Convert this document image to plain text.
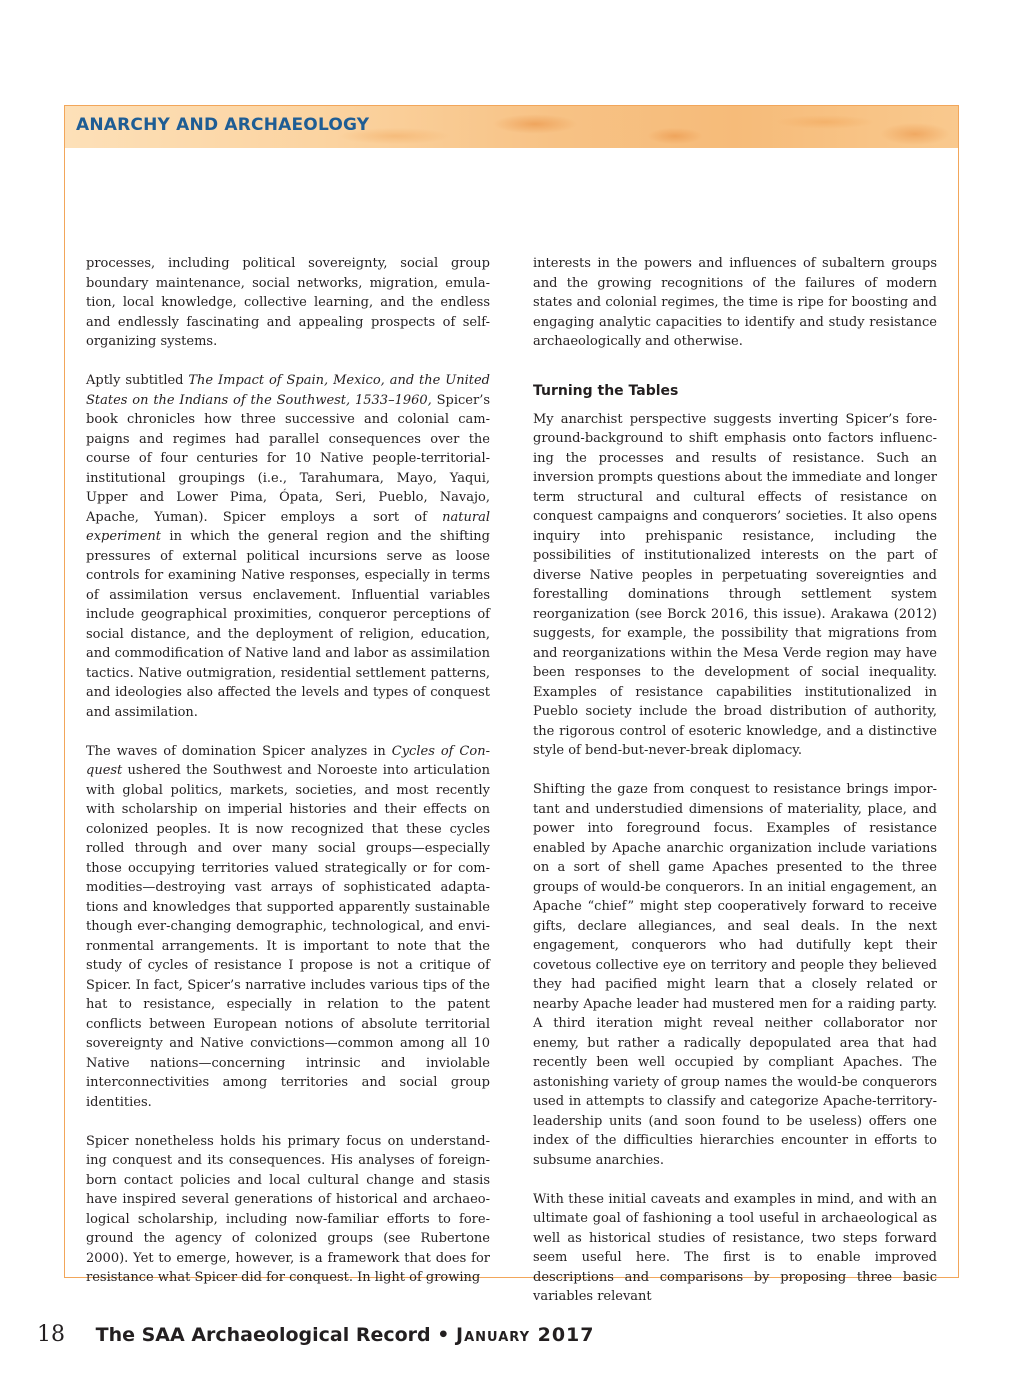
ANARCHY AND ARCHAEOLOGY

processes, including political sovereignty, social group boundary maintenance, social networks, migration, emulation, local knowledge, collective learning, and the endless and endlessly fascinating and appealing prospects of self-organizing systems.

Aptly subtitled The Impact of Spain, Mexico, and the United States on the Indians of the Southwest, 1533–1960, Spicer’s book chronicles how three successive and colonial campaigns and regimes had parallel consequences over the course of four centuries for 10 Native people-territorial-institutional groupings (i.e., Tarahumara, Mayo, Yaqui, Upper and Lower Pima, Ópata, Seri, Pueblo, Navajo, Apache, Yuman). Spicer employs a sort of natural experiment in which the general region and the shifting pressures of external political incursions serve as loose controls for examining Native responses, especially in terms of assimilation versus enclavement. Influential variables include geographical proximities, conqueror perceptions of social distance, and the deployment of religion, education, and commodification of Native land and labor as assimilation tactics. Native outmigration, residential settlement patterns, and ideologies also affected the levels and types of conquest and assimilation.

The waves of domination Spicer analyzes in Cycles of Conquest ushered the Southwest and Noroeste into articulation with global politics, markets, societies, and most recently with scholarship on imperial histories and their effects on colonized peoples. It is now recognized that these cycles rolled through and over many social groups—especially those occupying territories valued strategically or for commodities—destroying vast arrays of sophisticated adaptations and knowledges that supported apparently sustainable though ever-changing demographic, technological, and environmental arrangements. It is important to note that the study of cycles of resistance I propose is not a critique of Spicer. In fact, Spicer’s narrative includes various tips of the hat to resistance, especially in relation to the patent conflicts between European notions of absolute territorial sovereignty and Native convictions—common among all 10 Native nations—concerning intrinsic and inviolable interconnectivities among territories and social group identities.

Spicer nonetheless holds his primary focus on understanding conquest and its consequences. His analyses of foreign-born contact policies and local cultural change and stasis have inspired several generations of historical and archaeological scholarship, including now-familiar efforts to foreground the agency of colonized groups (see Rubertone 2000). Yet to emerge, however, is a framework that does for resistance what Spicer did for conquest. In light of growing

interests in the powers and influences of subaltern groups and the growing recognitions of the failures of modern states and colonial regimes, the time is ripe for boosting and engaging analytic capacities to identify and study resistance archaeologically and otherwise.

Turning the Tables

My anarchist perspective suggests inverting Spicer’s foreground-background to shift emphasis onto factors influencing the processes and results of resistance. Such an inversion prompts questions about the immediate and longer term structural and cultural effects of resistance on conquest campaigns and conquerors’ societies. It also opens inquiry into prehispanic resistance, including the possibilities of institutionalized interests on the part of diverse Native peoples in perpetuating sovereignties and forestalling dominations through settlement system reorganization (see Borck 2016, this issue). Arakawa (2012) suggests, for example, the possibility that migrations from and reorganizations within the Mesa Verde region may have been responses to the development of social inequality. Examples of resistance capabilities institutionalized in Pueblo society include the broad distribution of authority, the rigorous control of esoteric knowledge, and a distinctive style of bend-but-never-break diplomacy.

Shifting the gaze from conquest to resistance brings important and understudied dimensions of materiality, place, and power into foreground focus. Examples of resistance enabled by Apache anarchic organization include variations on a sort of shell game Apaches presented to the three groups of would-be conquerors. In an initial engagement, an Apache “chief” might step cooperatively forward to receive gifts, declare allegiances, and seal deals. In the next engagement, conquerors who had dutifully kept their covetous collective eye on territory and people they believed they had pacified might learn that a closely related or nearby Apache leader had mustered men for a raiding party. A third iteration might reveal neither collaborator nor enemy, but rather a radically depopulated area that had recently been well occupied by compliant Apaches. The astonishing variety of group names the would-be conquerors used in attempts to classify and categorize Apache-territory-leadership units (and soon found to be useless) offers one index of the difficulties hierarchies encounter in efforts to subsume anarchies.

With these initial caveats and examples in mind, and with an ultimate goal of fashioning a tool useful in archaeological as well as historical studies of resistance, two steps forward seem useful here. The first is to enable improved descriptions and comparisons by proposing three basic variables relevant

18 The SAA Archaeological Record • January 2017
